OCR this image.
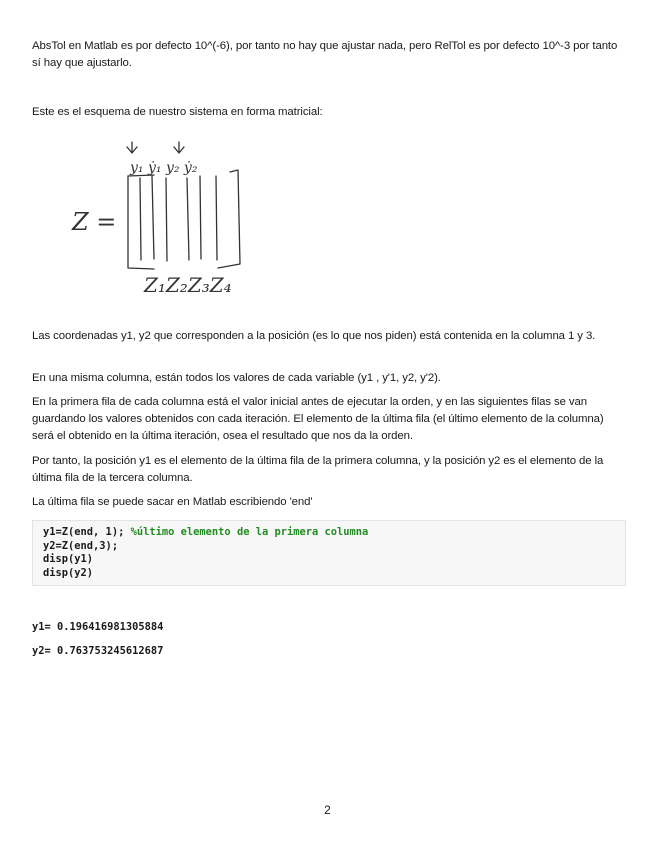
AbsTol en Matlab es por defecto 10^(-6), por tanto no hay que ajustar nada, pero RelTol es por defecto 10^-3 por tanto sí hay que ajustarlo.
Este es el esquema de nuestro sistema en forma matricial:
Z =
y₁ ẏ₁ y₂ ẏ₂
Z₁Z₂Z₃Z₄
Las coordenadas y1, y2 que corresponden a la posición (es lo que nos piden) está contenida en la columna 1 y 3.
En una misma columna, están todos los valores de cada variable (y1 , y'1, y2, y'2).
En la primera fila de cada columna está el valor inicial antes de ejecutar la orden, y en las siguientes filas se van guardando los valores obtenidos con cada iteración. El elemento de la última fila (el último elemento de la columna) será el obtenido en la última iteración, osea el resultado que nos da la orden.
Por tanto, la posición y1 es el elemento de la última fila de la primera columna, y la posición y2 es el elemento de la última fila de la tercera columna.
La última fila se puede sacar en Matlab escribiendo 'end'
y1=Z(end, 1); %último elemento de la primera columna
y2=Z(end,3);
disp(y1)
disp(y2)
y1= 0.196416981305884
y2= 0.763753245612687
2
